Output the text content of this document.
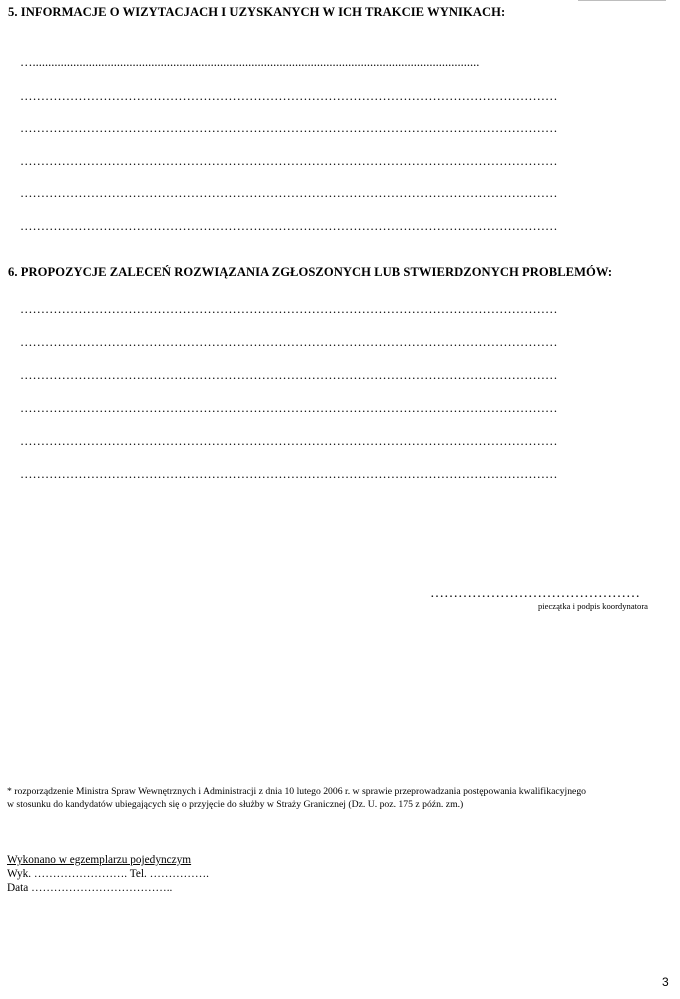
5. INFORMACJE O WIZYTACJACH I UZYSKANYCH W ICH TRAKCIE WYNIKACH:
…...............................................................................................................................................
…………………………………………………………………………………………………………………
…………………………………………………………………………………………………………………
…………………………………………………………………………………………………………………
…………………………………………………………………………………………………………………
…………………………………………………………………………………………………………………
6. PROPOZYCJE ZALECEŃ ROZWIĄZANIA ZGŁOSZONYCH LUB STWIERDZONYCH PROBLEMÓW:
…………………………………………………………………………………………………………………
…………………………………………………………………………………………………………………
…………………………………………………………………………………………………………………
…………………………………………………………………………………………………………………
…………………………………………………………………………………………………………………
…………………………………………………………………………………………………………………
………………………………………
pieczątka i podpis koordynatora
* rozporządzenie Ministra Spraw Wewnętrznych i Administracji z dnia 10 lutego 2006 r. w sprawie przeprowadzania postępowania kwalifikacyjnego
w stosunku do kandydatów ubiegających się o przyjęcie do służby w Straży Granicznej (Dz. U. poz. 175 z późn. zm.)
Wykonano w egzemplarzu pojedynczym
Wyk. ……………………. Tel. …………….
Data ………………………………..
3
